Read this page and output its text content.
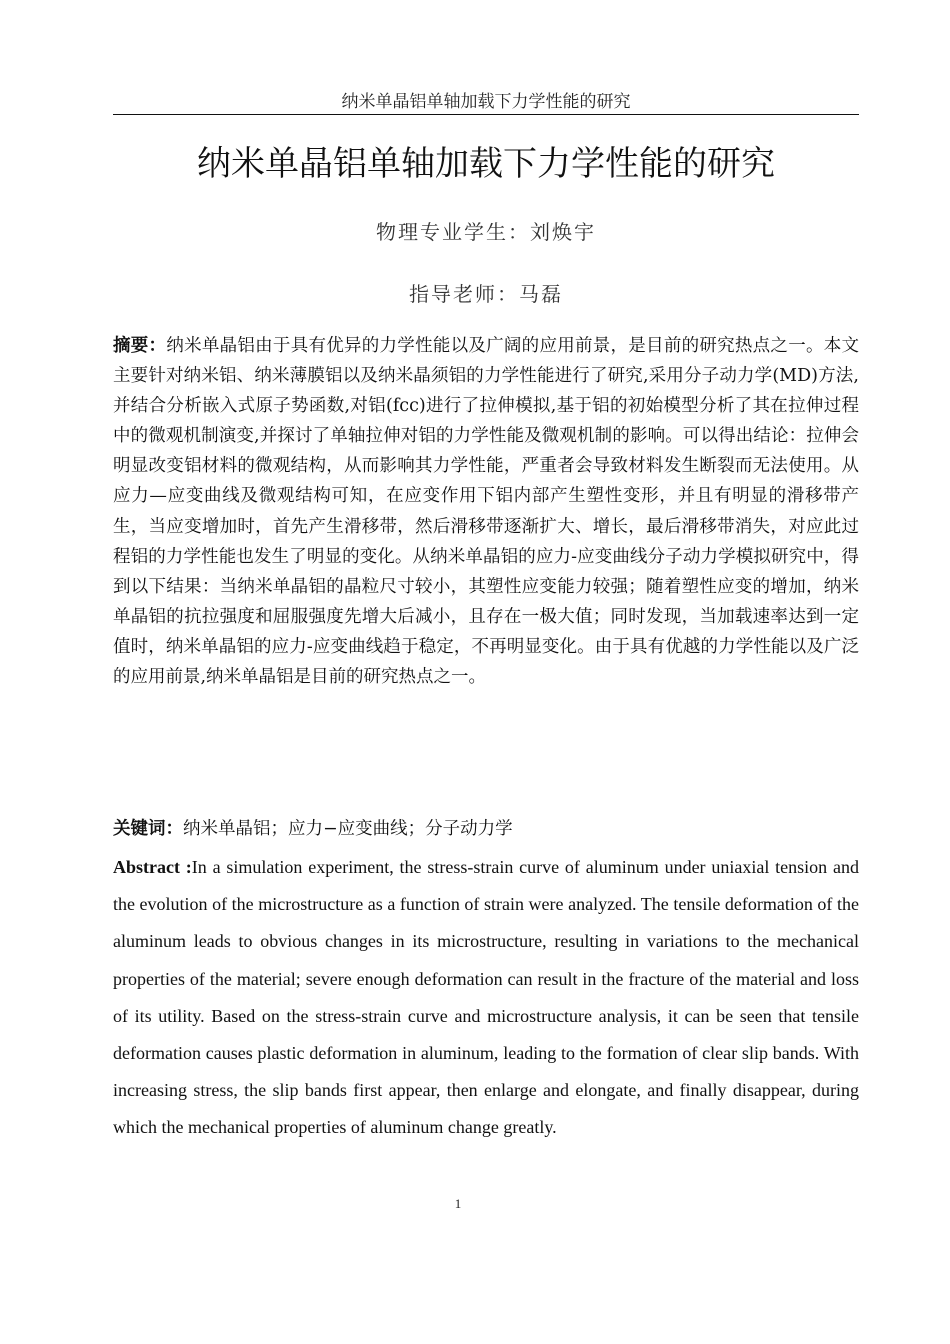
纳米单晶铝单轴加载下力学性能的研究
纳米单晶铝单轴加载下力学性能的研究
物理专业学生：刘焕宇
指导老师：马磊

摘要：纳米单晶铝由于具有优异的力学性能以及广阔的应用前景，是目前的研究热点之一。本文主要针对纳米铝、纳米薄膜铝以及纳米晶须铝的力学性能进行了研究,采用分子动力学(MD)方法,并结合分析嵌入式原子势函数,对铝(fcc)进行了拉伸模拟,基于铝的初始模型分析了其在拉伸过程中的微观机制演变,并探讨了单轴拉伸对铝的力学性能及微观机制的影响。可以得出结论：拉伸会明显改变铝材料的微观结构，从而影响其力学性能，严重者会导致材料发生断裂而无法使用。从应力—应变曲线及微观结构可知，在应变作用下铝内部产生塑性变形，并且有明显的滑移带产生，当应变增加时，首先产生滑移带，然后滑移带逐渐扩大、增长，最后滑移带消失，对应此过程铝的力学性能也发生了明显的变化。从纳米单晶铝的应力-应变曲线分子动力学模拟研究中，得到以下结果：当纳米单晶铝的晶粒尺寸较小，其塑性应变能力较强；随着塑性应变的增加，纳米单晶铝的抗拉强度和屈服强度先增大后减小，且存在一极大值；同时发现，当加载速率达到一定值时，纳米单晶铝的应力-应变曲线趋于稳定，不再明显变化。由于具有优越的力学性能以及广泛的应用前景,纳米单晶铝是目前的研究热点之一。

关键词：纳米单晶铝；应力−应变曲线；分子动力学

Abstract :In a simulation experiment, the stress-strain curve of aluminum under uniaxial tension and the evolution of the microstructure as a function of strain were analyzed. The tensile deformation of the aluminum leads to obvious changes in its microstructure, resulting in variations to the mechanical properties of the material; severe enough deformation can result in the fracture of the material and loss of its utility. Based on the stress-strain curve and microstructure analysis, it can be seen that tensile deformation causes plastic deformation in aluminum, leading to the formation of clear slip bands. With increasing stress, the slip bands first appear, then enlarge and elongate, and finally disappear, during which the mechanical properties of aluminum change greatly.

1
